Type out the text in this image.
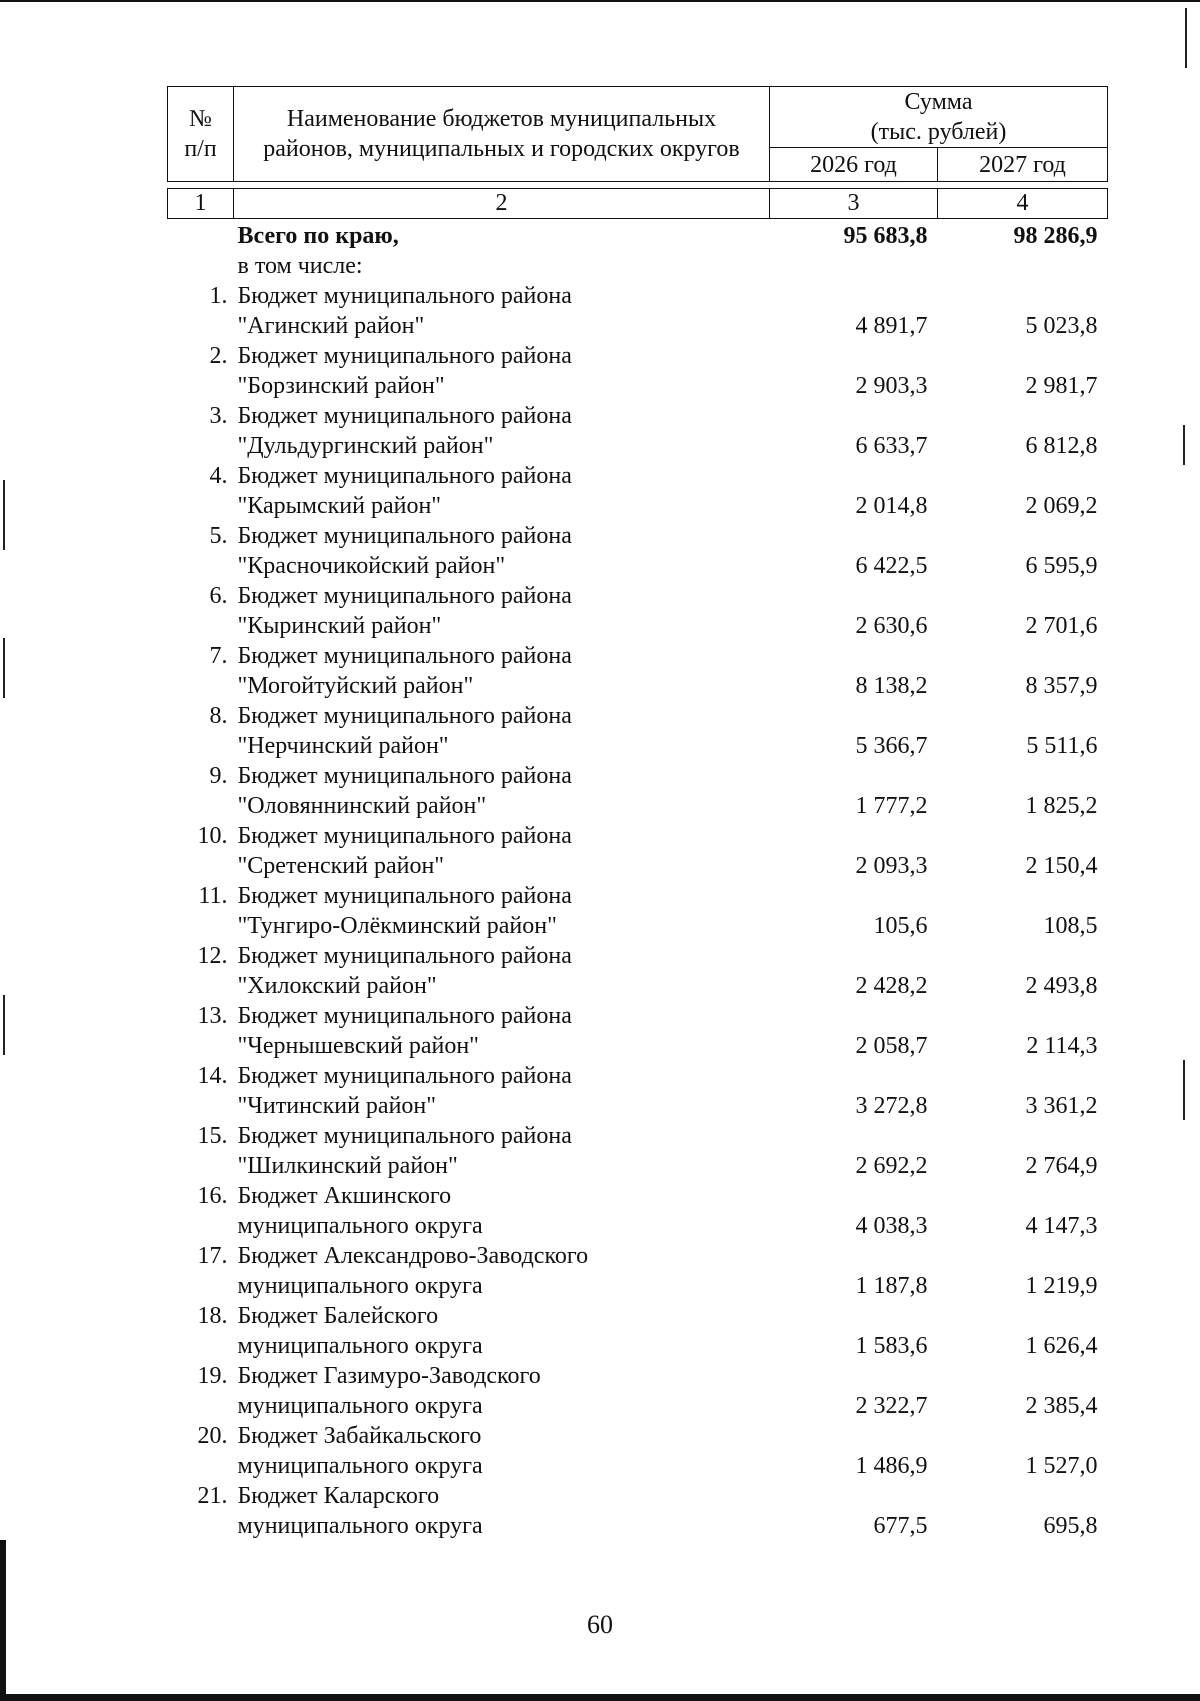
№
п/п	Наименование бюджетов муниципальных
районов, муниципальных и городских округов	Сумма
(тыс. рублей)	
		2026 год	2027 год

1	2	3	4
	Всего по краю,	95 683,8	98 286,9
	в том числе:		
1.	Бюджет муниципального района
"Агинский район"	4 891,7	5 023,8
2.	Бюджет муниципального района
"Борзинский район"	2 903,3	2 981,7
3.	Бюджет муниципального района
"Дульдургинский район"	6 633,7	6 812,8
4.	Бюджет муниципального района
"Карымский район"	2 014,8	2 069,2
5.	Бюджет муниципального района
"Красночикойский район"	6 422,5	6 595,9
6.	Бюджет муниципального района
"Кыринский район"	2 630,6	2 701,6
7.	Бюджет муниципального района
"Могойтуйский район"	8 138,2	8 357,9
8.	Бюджет муниципального района
"Нерчинский район"	5 366,7	5 511,6
9.	Бюджет муниципального района
"Оловяннинский район"	1 777,2	1 825,2
10.	Бюджет муниципального района
"Сретенский район"	2 093,3	2 150,4
11.	Бюджет муниципального района
"Тунгиро-Олёкминский район"	105,6	108,5
12.	Бюджет муниципального района
"Хилокский район"	2 428,2	2 493,8
13.	Бюджет муниципального района
"Чернышевский район"	2 058,7	2 114,3
14.	Бюджет муниципального района
"Читинский район"	3 272,8	3 361,2
15.	Бюджет муниципального района
"Шилкинский район"	2 692,2	2 764,9
16.	Бюджет Акшинского
муниципального округа	4 038,3	4 147,3
17.	Бюджет Александрово-Заводского
муниципального округа	1 187,8	1 219,9
18.	Бюджет Балейского
муниципального округа	1 583,6	1 626,4
19.	Бюджет Газимуро-Заводского
муниципального округа	2 322,7	2 385,4
20.	Бюджет Забайкальского
муниципального округа	1 486,9	1 527,0
21.	Бюджет Каларского
муниципального округа	677,5	695,8
60
